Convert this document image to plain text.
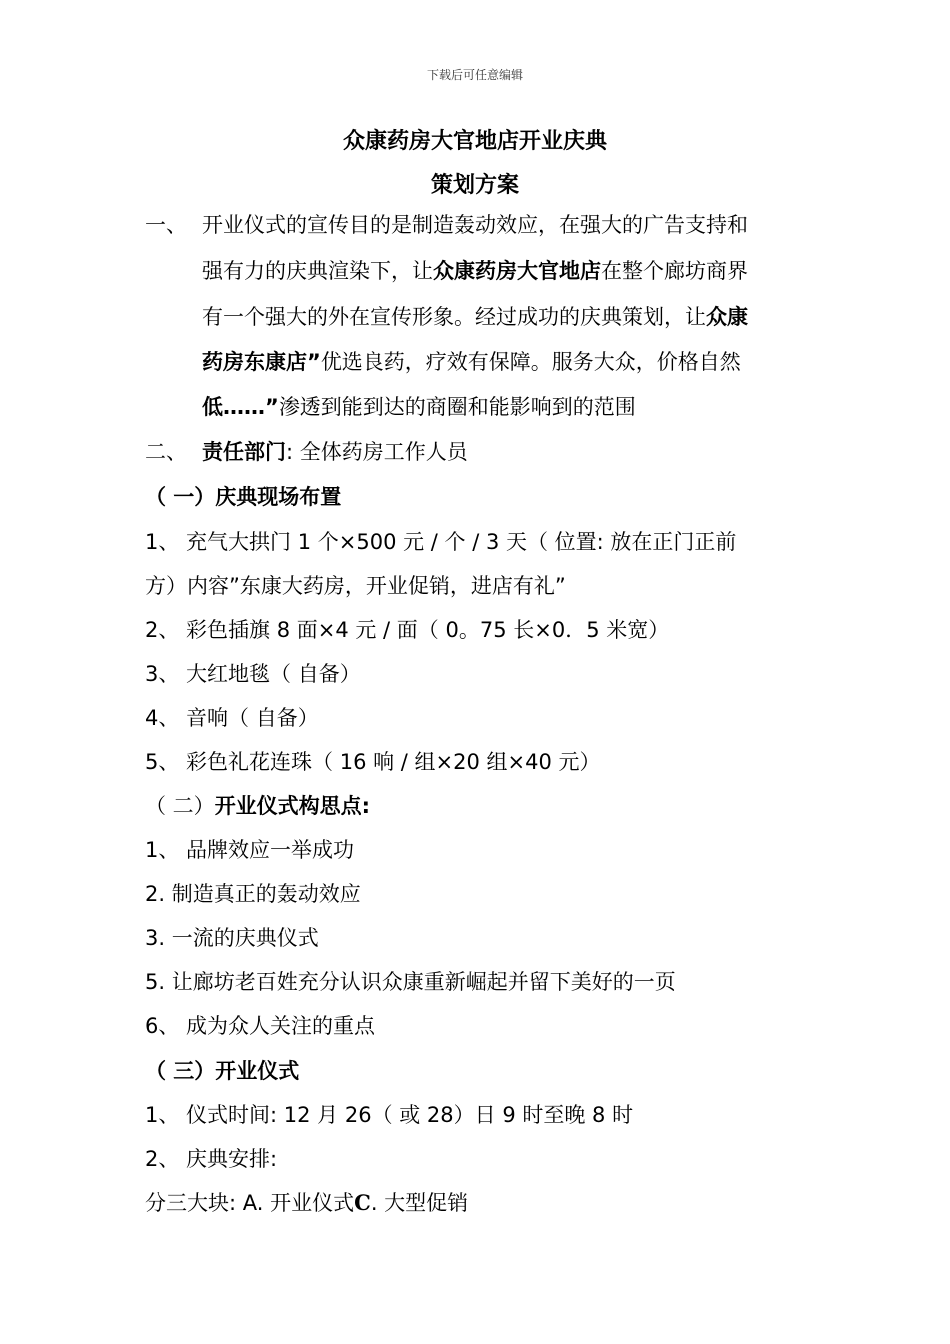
下载后可任意编辑
众康药房大官地店开业庆典
策划方案
一、 开业仪式的宣传目的是制造轰动效应，在强大的广告支持和
强有力的庆典渲染下，让众康药房大官地店在整个廊坊商界
有一个强大的外在宣传形象。经过成功的庆典策划，让众康
药房东康店”优选良药，疗效有保障。服务大众，价格自然
低……”渗透到能到达的商圈和能影响到的范围
二、 责任部门: 全体药房工作人员
（ 一）庆典现场布置
1、 充气大拱门 1 个×500 元 / 个 / 3 天（ 位置: 放在正门正前
方）内容”东康大药房，开业促销，进店有礼”
2、 彩色插旗 8 面×4 元 / 面（ 0。75 长×0．5 米宽）
3、 大红地毯（ 自备）
4、 音响（ 自备）
5、 彩色礼花连珠（ 16 响 / 组×20 组×40 元）
（ 二）开业仪式构思点:
1、 品牌效应一举成功
2. 制造真正的轰动效应
3. 一流的庆典仪式
5. 让廊坊老百姓充分认识众康重新崛起并留下美好的一页
6、 成为众人关注的重点
（ 三）开业仪式
1、 仪式时间: 12 月 26（ 或 28）日 9 时至晚 8 时
2、 庆典安排:
分三大块: A. 开业仪式C. 大型促销
